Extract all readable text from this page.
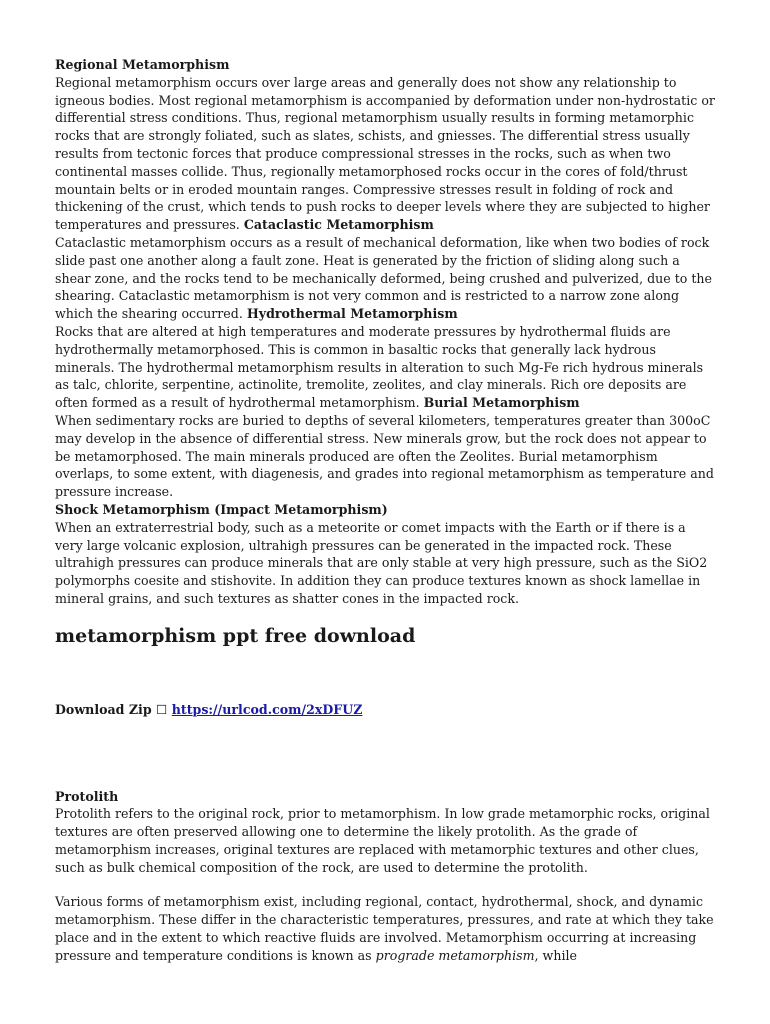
Regional Metamorphism
Regional metamorphism occurs over large areas and generally does not show any relationship to igneous bodies. Most regional metamorphism is accompanied by deformation under non-hydrostatic or differential stress conditions. Thus, regional metamorphism usually results in forming metamorphic rocks that are strongly foliated, such as slates, schists, and gniesses. The differential stress usually results from tectonic forces that produce compressional stresses in the rocks, such as when two continental masses collide. Thus, regionally metamorphosed rocks occur in the cores of fold/thrust mountain belts or in eroded mountain ranges. Compressive stresses result in folding of rock and thickening of the crust, which tends to push rocks to deeper levels where they are subjected to higher temperatures and pressures. Cataclastic Metamorphism
Cataclastic metamorphism occurs as a result of mechanical deformation, like when two bodies of rock slide past one another along a fault zone. Heat is generated by the friction of sliding along such a shear zone, and the rocks tend to be mechanically deformed, being crushed and pulverized, due to the shearing. Cataclastic metamorphism is not very common and is restricted to a narrow zone along which the shearing occurred. Hydrothermal Metamorphism
Rocks that are altered at high temperatures and moderate pressures by hydrothermal fluids are hydrothermally metamorphosed. This is common in basaltic rocks that generally lack hydrous minerals. The hydrothermal metamorphism results in alteration to such Mg-Fe rich hydrous minerals as talc, chlorite, serpentine, actinolite, tremolite, zeolites, and clay minerals. Rich ore deposits are often formed as a result of hydrothermal metamorphism. Burial Metamorphism
When sedimentary rocks are buried to depths of several kilometers, temperatures greater than 300oC may develop in the absence of differential stress. New minerals grow, but the rock does not appear to be metamorphosed. The main minerals produced are often the Zeolites. Burial metamorphism overlaps, to some extent, with diagenesis, and grades into regional metamorphism as temperature and pressure increase.
Shock Metamorphism (Impact Metamorphism)
When an extraterrestrial body, such as a meteorite or comet impacts with the Earth or if there is a very large volcanic explosion, ultrahigh pressures can be generated in the impacted rock. These ultrahigh pressures can produce minerals that are only stable at very high pressure, such as the SiO2 polymorphs coesite and stishovite. In addition they can produce textures known as shock lamellae in mineral grains, and such textures as shatter cones in the impacted rock.

metamorphism ppt free download
Download Zip ☐ https://urlcod.com/2xDFUZ

Protolith
Protolith refers to the original rock, prior to metamorphism. In low grade metamorphic rocks, original textures are often preserved allowing one to determine the likely protolith. As the grade of metamorphism increases, original textures are replaced with metamorphic textures and other clues, such as bulk chemical composition of the rock, are used to determine the protolith.

Various forms of metamorphism exist, including regional, contact, hydrothermal, shock, and dynamic metamorphism. These differ in the characteristic temperatures, pressures, and rate at which they take place and in the extent to which reactive fluids are involved. Metamorphism occurring at increasing pressure and temperature conditions is known as prograde metamorphism, while
